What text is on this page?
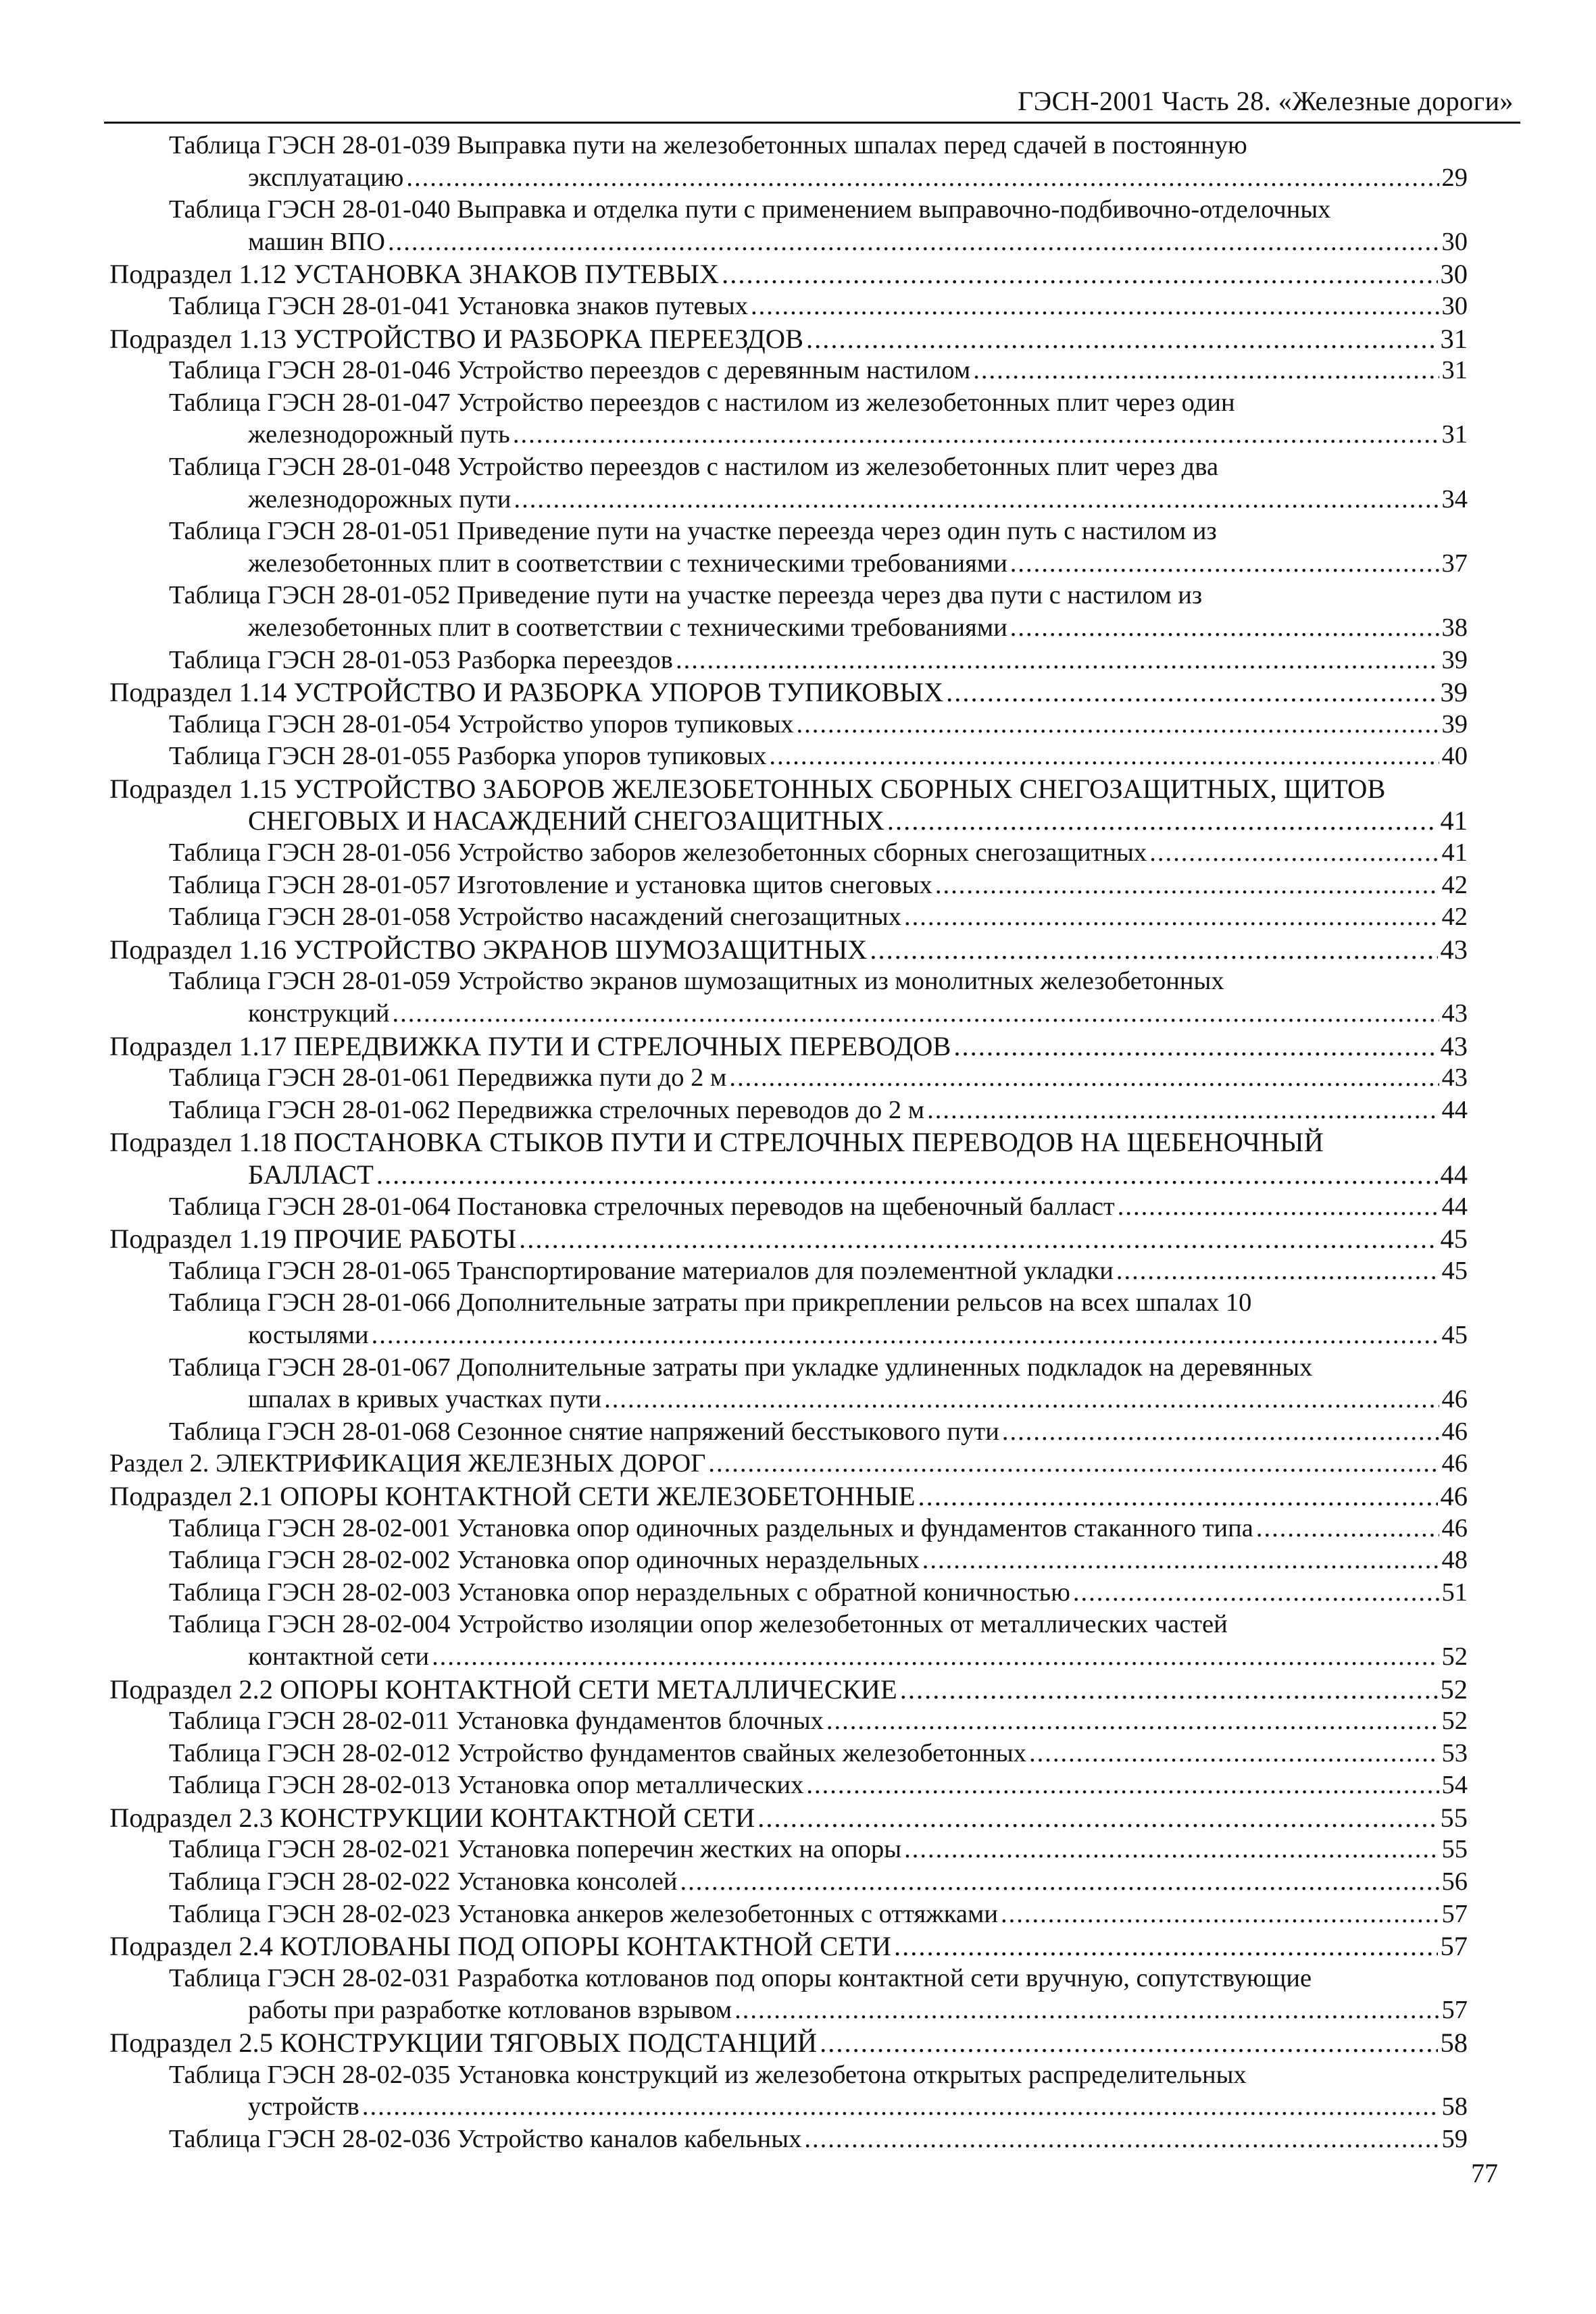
ГЭСН-2001 Часть 28. «Железные дороги»
Таблица ГЭСН 28-01-039 Выправка пути на железобетонных шпалах перед сдачей в постоянную
эксплуатацию .....	29
Таблица ГЭСН 28-01-040 Выправка и отделка пути с применением выправочно-подбивочно-отделочных
машин ВПО .....	30
Подраздел 1.12 УСТАНОВКА ЗНАКОВ ПУТЕВЫХ .....	30
Таблица ГЭСН 28-01-041 Установка знаков путевых .....	30
Подраздел 1.13 УСТРОЙСТВО И РАЗБОРКА ПЕРЕЕЗДОВ .....	31
Таблица ГЭСН 28-01-046 Устройство переездов с деревянным настилом .....	31
Таблица ГЭСН 28-01-047 Устройство переездов с настилом из железобетонных плит через один
железнодорожный путь .....	31
Таблица ГЭСН 28-01-048 Устройство переездов с настилом из железобетонных плит через два
железнодорожных пути .....	34
Таблица ГЭСН 28-01-051 Приведение пути на участке переезда через один путь с настилом из
железобетонных плит в соответствии с техническими требованиями .....	37
Таблица ГЭСН 28-01-052 Приведение пути на участке переезда через два пути с настилом из
железобетонных плит в соответствии с техническими требованиями .....	38
Таблица ГЭСН 28-01-053 Разборка переездов .....	39
Подраздел 1.14 УСТРОЙСТВО И РАЗБОРКА УПОРОВ ТУПИКОВЫХ .....	39
Таблица ГЭСН 28-01-054 Устройство упоров тупиковых .....	39
Таблица ГЭСН 28-01-055 Разборка упоров тупиковых .....	40
Подраздел 1.15 УСТРОЙСТВО ЗАБОРОВ ЖЕЛЕЗОБЕТОННЫХ СБОРНЫХ СНЕГОЗАЩИТНЫХ, ЩИТОВ
СНЕГОВЫХ И НАСАЖДЕНИЙ СНЕГОЗАЩИТНЫХ .....	41
Таблица ГЭСН 28-01-056 Устройство заборов железобетонных сборных снегозащитных .....	41
Таблица ГЭСН 28-01-057 Изготовление и установка щитов снеговых .....	42
Таблица ГЭСН 28-01-058 Устройство насаждений снегозащитных .....	42
Подраздел 1.16 УСТРОЙСТВО ЭКРАНОВ ШУМОЗАЩИТНЫХ .....	43
Таблица ГЭСН 28-01-059 Устройство экранов шумозащитных из монолитных железобетонных
конструкций .....	43
Подраздел 1.17 ПЕРЕДВИЖКА ПУТИ И СТРЕЛОЧНЫХ ПЕРЕВОДОВ .....	43
Таблица ГЭСН 28-01-061 Передвижка пути до 2 м .....	43
Таблица ГЭСН 28-01-062 Передвижка стрелочных переводов до 2 м .....	44
Подраздел 1.18 ПОСТАНОВКА СТЫКОВ ПУТИ И СТРЕЛОЧНЫХ ПЕРЕВОДОВ НА ЩЕБЕНОЧНЫЙ
БАЛЛАСТ .....	44
Таблица ГЭСН 28-01-064 Постановка стрелочных переводов на щебеночный балласт .....	44
Подраздел 1.19 ПРОЧИЕ РАБОТЫ .....	45
Таблица ГЭСН 28-01-065 Транспортирование материалов для поэлементной укладки .....	45
Таблица ГЭСН 28-01-066 Дополнительные затраты при прикреплении рельсов на всех шпалах 10
костылями .....	45
Таблица ГЭСН 28-01-067 Дополнительные затраты при укладке удлиненных подкладок на деревянных
шпалах в кривых участках пути .....	46
Таблица ГЭСН 28-01-068 Сезонное снятие напряжений бесстыкового пути .....	46
Раздел 2. ЭЛЕКТРИФИКАЦИЯ ЖЕЛЕЗНЫХ ДОРОГ .....	46
Подраздел 2.1 ОПОРЫ КОНТАКТНОЙ СЕТИ ЖЕЛЕЗОБЕТОННЫЕ .....	46
Таблица ГЭСН 28-02-001 Установка опор одиночных раздельных и фундаментов стаканного типа .....	46
Таблица ГЭСН 28-02-002 Установка опор одиночных нераздельных .....	48
Таблица ГЭСН 28-02-003 Установка опор нераздельных с обратной коничностью .....	51
Таблица ГЭСН 28-02-004 Устройство изоляции опор железобетонных от металлических частей
контактной сети .....	52
Подраздел 2.2 ОПОРЫ КОНТАКТНОЙ СЕТИ МЕТАЛЛИЧЕСКИЕ .....	52
Таблица ГЭСН 28-02-011 Установка фундаментов блочных .....	52
Таблица ГЭСН 28-02-012 Устройство фундаментов свайных железобетонных .....	53
Таблица ГЭСН 28-02-013 Установка опор металлических .....	54
Подраздел 2.3 КОНСТРУКЦИИ КОНТАКТНОЙ СЕТИ .....	55
Таблица ГЭСН 28-02-021 Установка поперечин жестких на опоры .....	55
Таблица ГЭСН 28-02-022 Установка консолей .....	56
Таблица ГЭСН 28-02-023 Установка анкеров железобетонных с оттяжками .....	57
Подраздел 2.4 КОТЛОВАНЫ ПОД ОПОРЫ КОНТАКТНОЙ СЕТИ .....	57
Таблица ГЭСН 28-02-031 Разработка котлованов под опоры контактной сети вручную, сопутствующие
работы при разработке котлованов взрывом .....	57
Подраздел 2.5 КОНСТРУКЦИИ ТЯГОВЫХ ПОДСТАНЦИЙ .....	58
Таблица ГЭСН 28-02-035 Установка конструкций из железобетона открытых распределительных
устройств .....	58
Таблица ГЭСН 28-02-036 Устройство каналов кабельных .....	59
77
